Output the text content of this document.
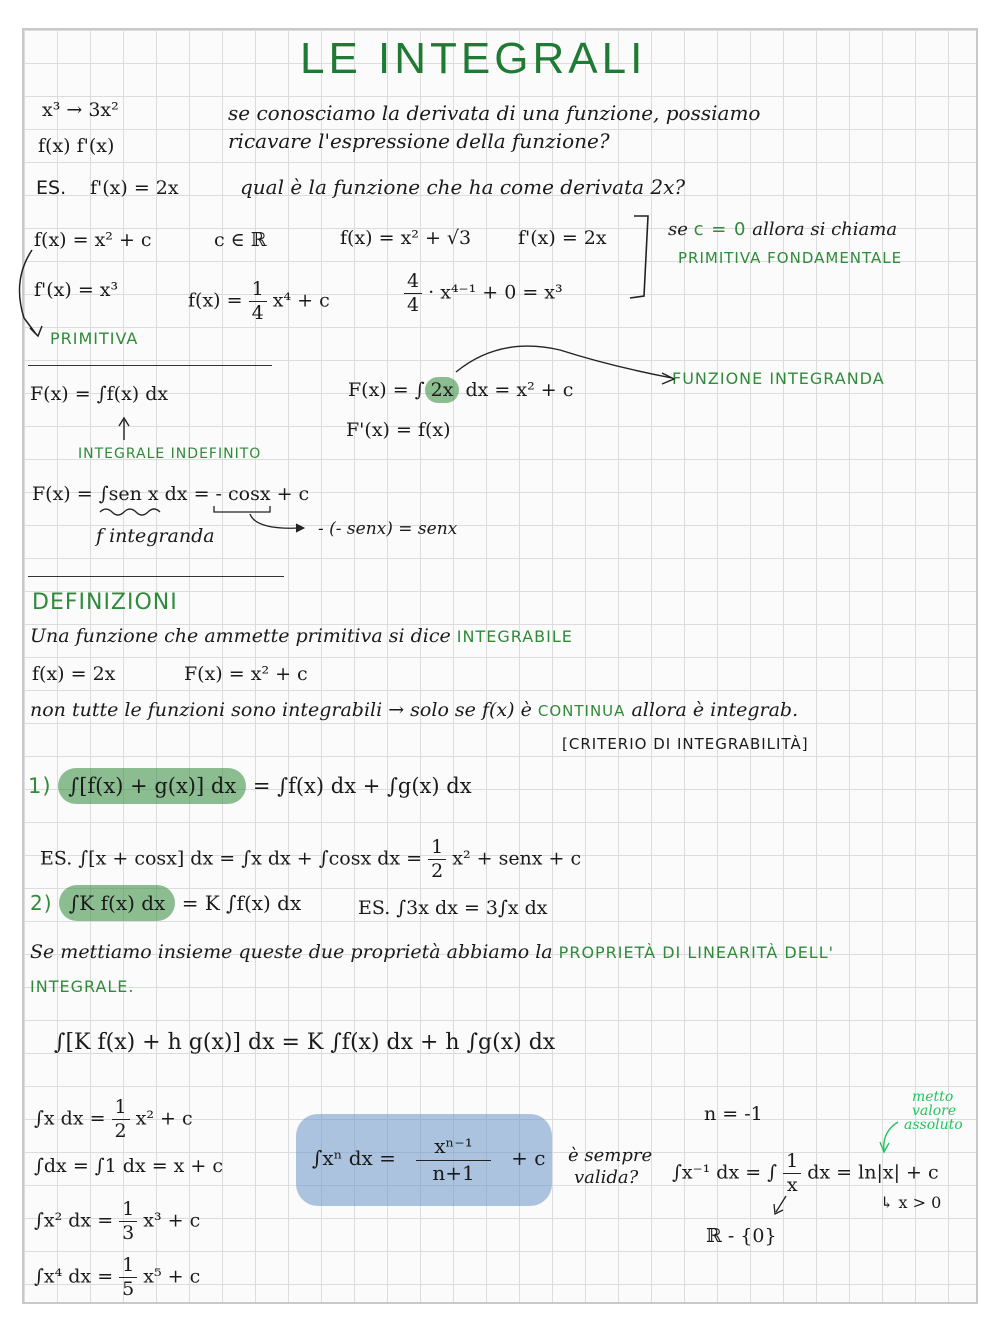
LE INTEGRALI
x³ → 3x²
f(x) f'(x)
se conosciamo la derivata di una funzione, possiamo
ricavare l'espressione della funzione?
ES. f'(x) = 2x	qual è la funzione che ha come derivata 2x?
f(x) = x² + c	c ∈ ℝ	f(x) = x² + √3 f'(x) = 2x
f'(x) = x³	$f(x) = \frac{1}{4} x^4 + c$	$\frac{4}{4} \cdot x^{4-1} + 0 = x^3$
se c = 0 allora si chiama
PRIMITIVA FONDAMENTALE
PRIMITIVA
F(x) = ∫f(x) dx
INTEGRALE INDEFINITO
F(x) = ∫ 2x dx = x² + c
F'(x) = f(x)
FUNZIONE INTEGRANDA
F(x) = ∫sen x dx = - cosx + c
f integranda	- (- senx) = senx
DEFINIZIONI
Una funzione che ammette primitiva si dice INTEGRABILE
f(x) = 2x	F(x) = x² + c
non tutte le funzioni sono integrabili → solo se f(x) è CONTINUA allora è integrab.
[CRITERIO DI INTEGRABILITÀ]
1) ∫[f(x) + g(x)] dx = ∫f(x) dx + ∫g(x) dx
ES. ∫[x + cosx] dx = ∫x dx + ∫cosx dx = $\frac{1}{2} x^2$ + senx + c
2) ∫K f(x) dx = K ∫f(x) dx	ES. ∫3x dx = 3∫x dx
Se mettiamo insieme queste due proprietà abbiamo la PROPRIETÀ DI LINEARITÀ DELL'
INTEGRALE.
∫[K f(x) + h g(x)] dx = K ∫f(x) dx + h ∫g(x) dx
∫x dx = $\frac{1}{2} x^2 + c$
∫dx = ∫1 dx = x + c
∫x² dx = $\frac{1}{3} x^3 + c$
∫x⁴ dx = $\frac{1}{5} x^5 + c$
∫xⁿ dx = $\frac{\text{xⁿ⁻¹}}{n+1} + c$ è sempre
valida?
n = -1
∫x⁻¹ dx = ∫ $\frac{1}{x}$ dx = ln|x| + c
ℝ - {0}
↳ x > 0
metto
valore
assoluto
